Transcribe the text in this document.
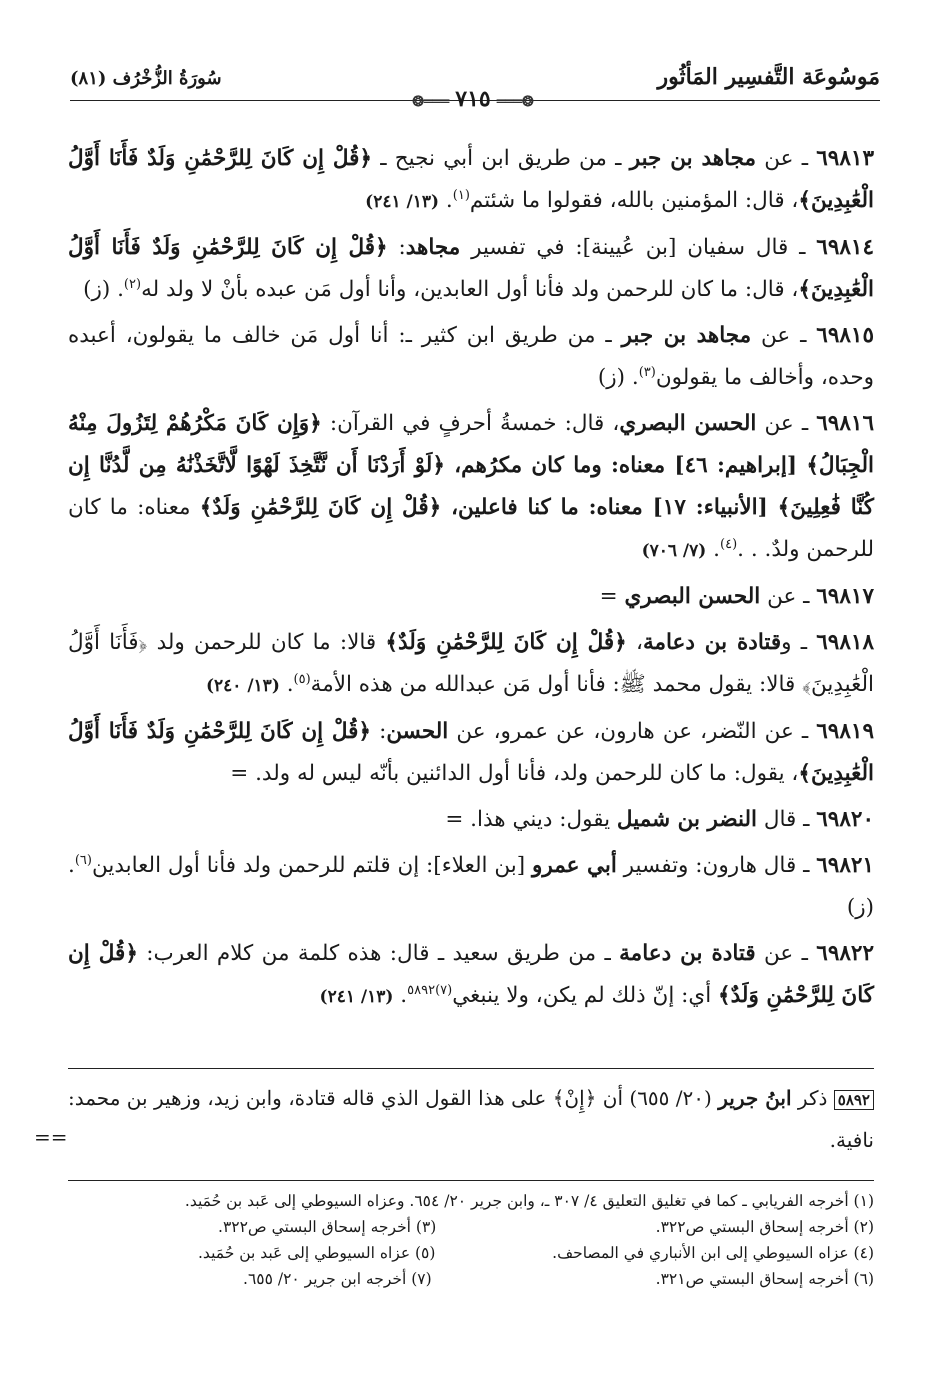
مَوسُوعَة التَّفسِير المَأثُور
سُورَةُ الزُّخْرُف (٨١)
❂═══٧١٥═══❂
٦٩٨١٣ ـ عن مجاهد بن جبر ـ من طريق ابن أبي نجيح ـ ﴿قُلْ إِن كَانَ لِلرَّحْمَٰنِ وَلَدٌ فَأَنَا أَوَّلُ الْعَٰبِدِينَ﴾، قال: المؤمنين بالله، فقولوا ما شئتم$^{(١)}$. (١٣/ ٢٤١)
٦٩٨١٤ ـ قال سفيان [بن عُيينة]: في تفسير مجاهد: ﴿قُلْ إِن كَانَ لِلرَّحْمَٰنِ وَلَدٌ فَأَنَا أَوَّلُ الْعَٰبِدِينَ﴾، قال: ما كان للرحمن ولد فأنا أول العابدين، وأنا أول مَن عبده بأنْ لا ولد له$^{(٢)}$. (ز)
٦٩٨١٥ ـ عن مجاهد بن جبر ـ من طريق ابن كثير ـ: أنا أول مَن خالف ما يقولون، أعبده وحده، وأخالف ما يقولون$^{(٣)}$. (ز)
٦٩٨١٦ ـ عن الحسن البصري، قال: خمسةُ أحرفٍ في القرآن: ﴿وَإِن كَانَ مَكْرُهُمْ لِتَزُولَ مِنْهُ الْجِبَالُ﴾ [إبراهيم: ٤٦] معناه: وما كان مكرُهم، ﴿لَوْ أَرَدْنَا أَن نَّتَّخِذَ لَهْوًا لَّاتَّخَذْنَٰهُ مِن لَّدُنَّا إِن كُنَّا فَٰعِلِينَ﴾ [الأنبياء: ١٧] معناه: ما كنا فاعلين، ﴿قُلْ إِن كَانَ لِلرَّحْمَٰنِ وَلَدٌ﴾ معناه: ما كان للرحمن ولدٌ. . .$^{(٤)}$. (٧/ ٧٠٦)
٦٩٨١٧ ـ عن الحسن البصري =
٦٩٨١٨ ـ وقتادة بن دعامة، ﴿قُلْ إِن كَانَ لِلرَّحْمَٰنِ وَلَدٌ﴾ قالا: ما كان للرحمن ولد ﴿فَأَنَا أَوَّلُ الْعَٰبِدِينَ﴾ قالا: يقول محمد ﷺ: فأنا أول مَن عبدالله من هذه الأمة$^{(٥)}$. (١٣/ ٢٤٠)
٦٩٨١٩ ـ عن النّضر، عن هارون، عن عمرو، عن الحسن: ﴿قُلْ إِن كَانَ لِلرَّحْمَٰنِ وَلَدٌ فَأَنَا أَوَّلُ الْعَٰبِدِينَ﴾، يقول: ما كان للرحمن ولد، فأنا أول الدائنين بأنّه ليس له ولد. =
٦٩٨٢٠ ـ قال النضر بن شميل يقول: ديني هذا. =
٦٩٨٢١ ـ قال هارون: وتفسير أبي عمرو [بن العلاء]: إن قلتم للرحمن ولد فأنا أول العابدين$^{(٦)}$. (ز)
٦٩٨٢٢ ـ عن قتادة بن دعامة ـ من طريق سعيد ـ قال: هذه كلمة من كلام العرب: ﴿قُلْ إِن كَانَ لِلرَّحْمَٰنِ وَلَدٌ﴾ أي: إنّ ذلك لم يكن، ولا ينبغي$^{(٧)٥٨٩٢}$. (١٣/ ٢٤١)
٥٨٩٢ ذكر ابنُ جرير (٢٠/ ٦٥٥) أن ﴿إِنْ﴾ على هذا القول الذي قاله قتادة، وابن زيد، وزهير بن محمد: نافية.
==
(١) أخرجه الفريابي ـ كما في تغليق التعليق ٤/ ٣٠٧ ـ، وابن جرير ٢٠/ ٦٥٤. وعزاه السيوطي إلى عَبد بن حُمَيد.
(٢) أخرجه إسحاق البستي ص٣٢٢.
(٣) أخرجه إسحاق البستي ص٣٢٢.
(٤) عزاه السيوطي إلى ابن الأنباري في المصاحف.
(٥) عزاه السيوطي إلى عَبد بن حُمَيد.
(٦) أخرجه إسحاق البستي ص٣٢١.
(٧) أخرجه ابن جرير ٢٠/ ٦٥٥.
